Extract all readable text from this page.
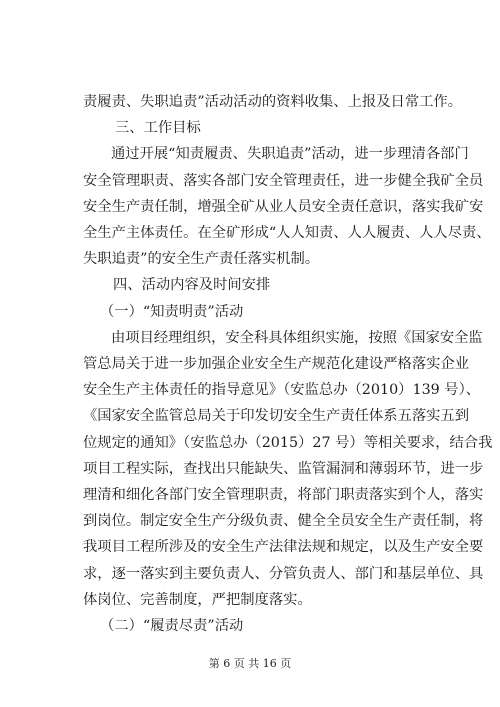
责履责、失职追责”活动活动的资料收集、上报及日常工作。
三、工作目标
通过开展“知责履责、失职追责”活动，进一步理清各部门
安全管理职责、落实各部门安全管理责任，进一步健全我矿全员
安全生产责任制，增强全矿从业人员安全责任意识，落实我矿安
全生产主体责任。在全矿形成“人人知责、人人履责、人人尽责、
失职追责”的安全生产责任落实机制。
四、活动内容及时间安排
（一）“知责明责”活动
由项目经理组织，安全科具体组织实施，按照《国家安全监
管总局关于进一步加强企业安全生产规范化建设严格落实企业
安全生产主体责任的指导意见》（安监总办（2010）139 号）、
《国家安全监管总局关于印发切安全生产责任体系五落实五到
位规定的通知》（安监总办（2015）27 号）等相关要求，结合我
项目工程实际，查找出只能缺失、监管漏洞和薄弱环节，进一步
理清和细化各部门安全管理职责，将部门职责落实到个人，落实
到岗位。制定安全生产分级负责、健全全员安全生产责任制，将
我项目工程所涉及的安全生产法律法规和规定，以及生产安全要
第 6 页 共 16 页
求，逐一落实到主要负责人、分管负责人、部门和基层单位、具
体岗位、完善制度，严把制度落实。
（二）“履责尽责”活动
